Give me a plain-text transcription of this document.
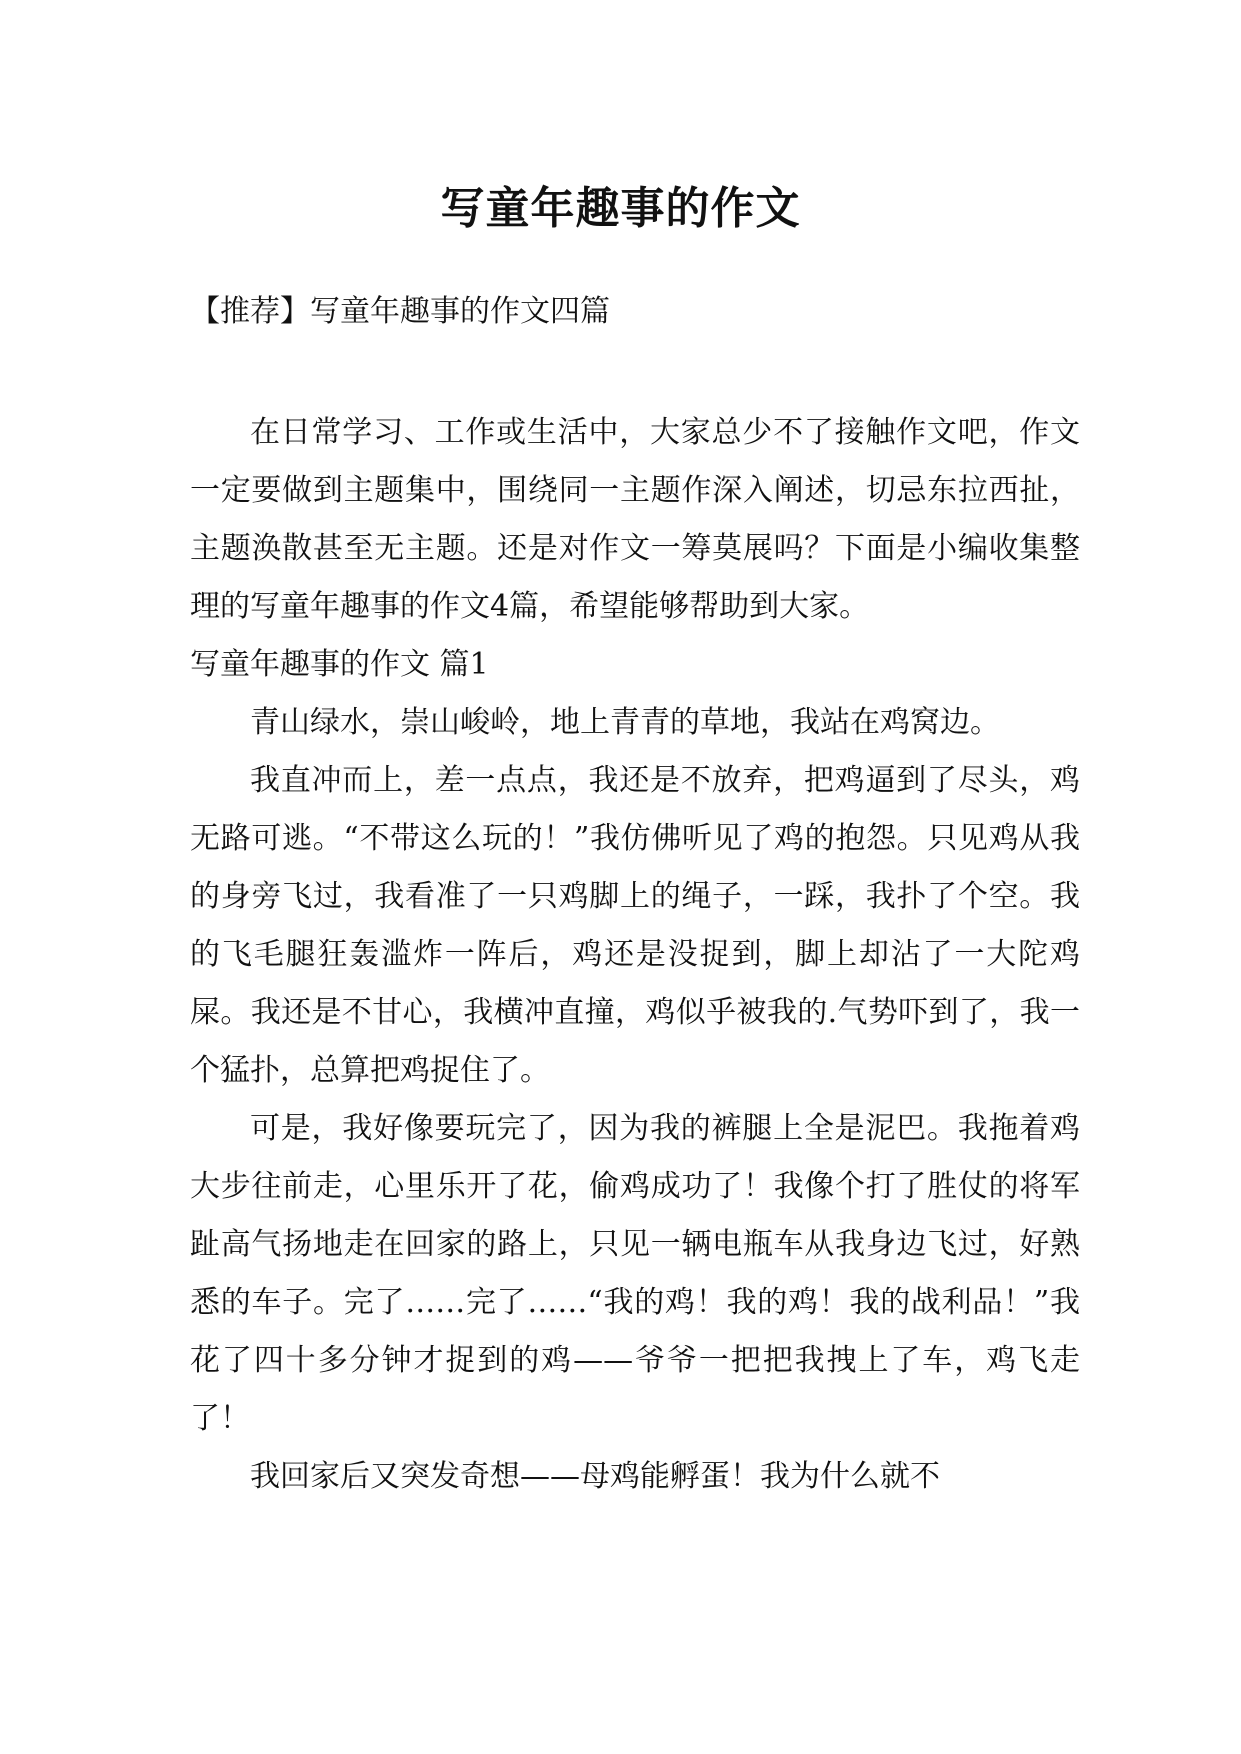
写童年趣事的作文
【推荐】写童年趣事的作文四篇

在日常学习、工作或生活中，大家总少不了接触作文吧，作文一定要做到主题集中，围绕同一主题作深入阐述，切忌东拉西扯，主题涣散甚至无主题。还是对作文一筹莫展吗？下面是小编收集整理的写童年趣事的作文4篇，希望能够帮助到大家。

写童年趣事的作文 篇1

青山绿水，崇山峻岭，地上青青的草地，我站在鸡窝边。

我直冲而上，差一点点，我还是不放弃，把鸡逼到了尽头，鸡无路可逃。“不带这么玩的！”我仿佛听见了鸡的抱怨。只见鸡从我的身旁飞过，我看准了一只鸡脚上的绳子，一踩，我扑了个空。我的飞毛腿狂轰滥炸一阵后，鸡还是没捉到，脚上却沾了一大陀鸡屎。我还是不甘心，我横冲直撞，鸡似乎被我的.气势吓到了，我一个猛扑，总算把鸡捉住了。

可是，我好像要玩完了，因为我的裤腿上全是泥巴。我拖着鸡大步往前走，心里乐开了花，偷鸡成功了！我像个打了胜仗的将军趾高气扬地走在回家的路上，只见一辆电瓶车从我身边飞过，好熟悉的车子。完了……完了……“我的鸡！我的鸡！我的战利品！”我花了四十多分钟才捉到的鸡——爷爷一把把我拽上了车，鸡飞走了！

我回家后又突发奇想——母鸡能孵蛋！我为什么就不
